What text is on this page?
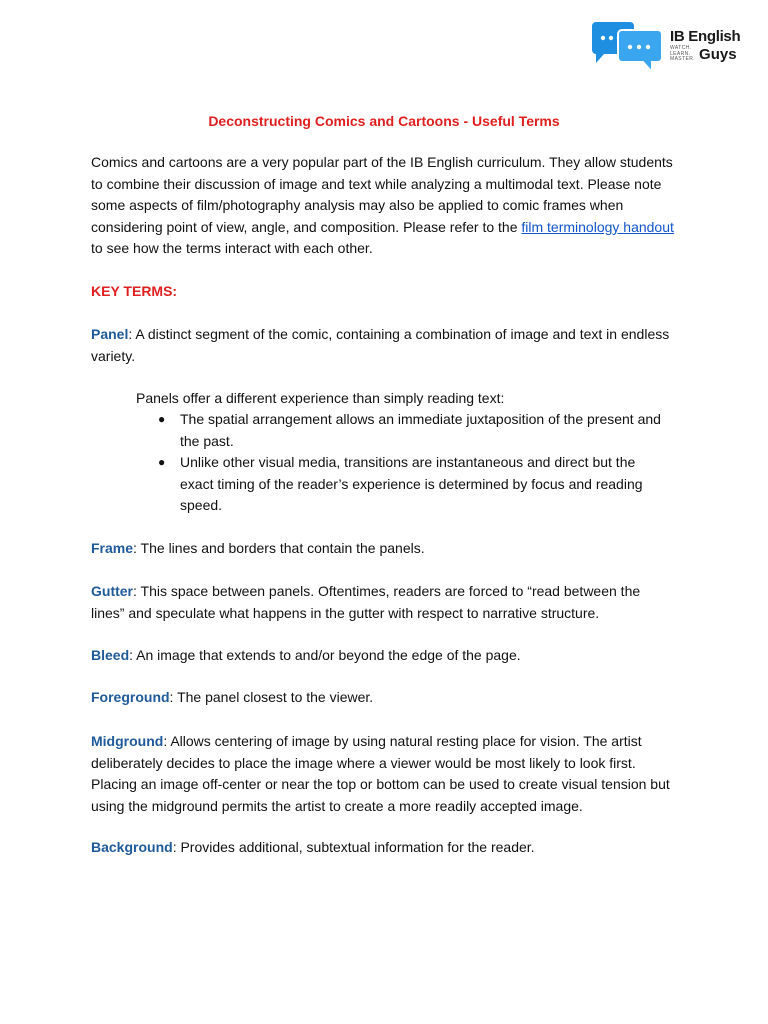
IB English
WATCH.
LEARN.
MASTER. Guys
Deconstructing Comics and Cartoons - Useful Terms

Comics and cartoons are a very popular part of the IB English curriculum. They allow students to combine their discussion of image and text while analyzing a multimodal text. Please note some aspects of film/photography analysis may also be applied to comic frames when considering point of view, angle, and composition. Please refer to the film terminology handout to see how the terms interact with each other.

KEY TERMS:

Panel: A distinct segment of the comic, containing a combination of image and text in endless variety.

Panels offer a different experience than simply reading text:

● The spatial arrangement allows an immediate juxtaposition of the present and the past.
● Unlike other visual media, transitions are instantaneous and direct but the exact timing of the reader’s experience is determined by focus and reading speed.

Frame: The lines and borders that contain the panels.

Gutter: This space between panels. Oftentimes, readers are forced to “read between the lines” and speculate what happens in the gutter with respect to narrative structure.

Bleed: An image that extends to and/or beyond the edge of the page.

Foreground: The panel closest to the viewer.

Midground: Allows centering of image by using natural resting place for vision. The artist deliberately decides to place the image where a viewer would be most likely to look first. Placing an image off-center or near the top or bottom can be used to create visual tension but using the midground permits the artist to create a more readily accepted image.

Background: Provides additional, subtextual information for the reader.
